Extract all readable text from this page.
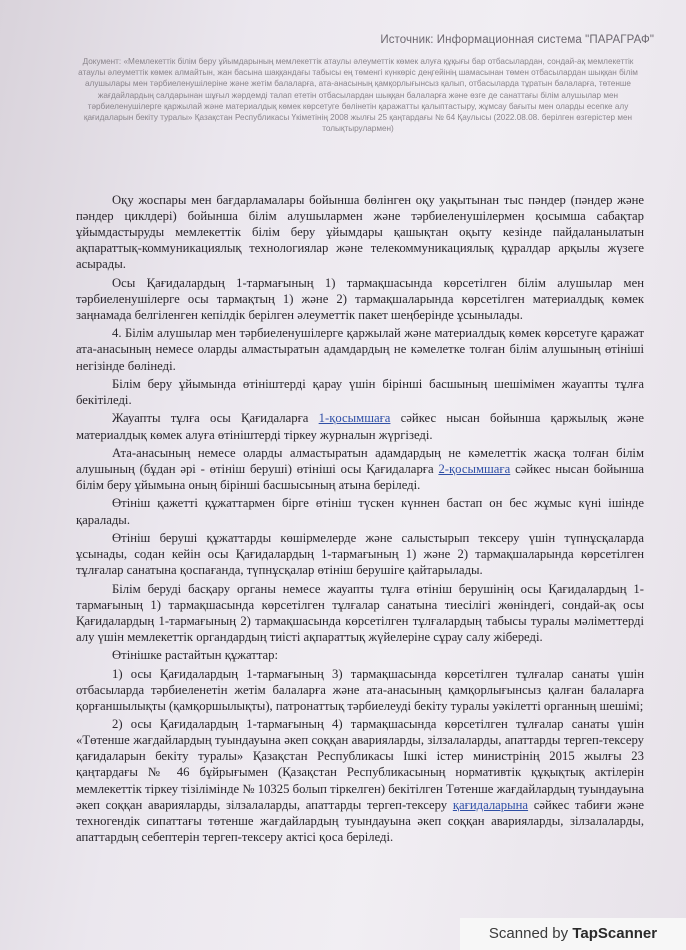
Источник: Информационная система "ПАРАГРАФ"
Документ: «Мемлекеттік білім беру ұйымдарының мемлекеттік атаулы әлеуметтік көмек алуға құқығы бар отбасылардан, сондай-ақ мемлекеттік атаулы әлеуметтік көмек алмайтын, жан басына шаққандағы табысы ең төменгі күнкөріс деңгейінің шамасынан төмен отбасылардан шыққан білім алушылары мен тәрбиеленушілеріне және жетім балаларға, ата-анасының қамқорлығынсыз қалып, отбасыларда тұратын балаларға, төтенше жағдайлардың салдарынан шұғыл жәрдемді талап ететін отбасылардан шыққан балаларға және өзге де санаттағы білім алушылар мен тәрбиеленушілерге қаржылай және материалдық көмек көрсетуге бөлінетін қаражатты қалыптастыру, жұмсау бағыты мен оларды есепке алу қағидаларын бекіту туралы» Қазақстан Республикасы Үкіметінің 2008 жылғы 25 қаңтардағы № 64 Қаулысы (2022.08.08. берілген өзгерістер мен толықтырулармен)

Оқу жоспары мен бағдарламалары бойынша бөлінген оқу уақытынан тыс пәндер (пәндер және пәндер циклдері) бойынша білім алушылармен және тәрбиеленушілермен қосымша сабақтар ұйымдастыруды мемлекеттік білім беру ұйымдары қашықтан оқыту кезінде пайдаланылатын ақпараттық-коммуникациялық технологиялар және телекоммуникациялық құралдар арқылы жүзеге асырады.

Осы Қағидалардың 1-тармағының 1) тармақшасында көрсетілген білім алушылар мен тәрбиеленушілерге осы тармақтың 1) және 2) тармақшаларында көрсетілген материалдық көмек заңнамада белгіленген кепілдік берілген әлеуметтік пакет шеңберінде ұсынылады.

4. Білім алушылар мен тәрбиеленушілерге қаржылай және материалдық көмек көрсетуге қаражат ата-анасының немесе оларды алмастыратын адамдардың не кәмелетке толған білім алушының өтініші негізінде бөлінеді.

Білім беру ұйымында өтініштерді қарау үшін бірінші басшының шешімімен жауапты тұлға бекітіледі.

Жауапты тұлға осы Қағидаларға 1-қосымшаға сәйкес нысан бойынша қаржылық және материалдық көмек алуға өтініштерді тіркеу журналын жүргізеді.

Ата-анасының немесе оларды алмастыратын адамдардың не кәмелеттік жасқа толған білім алушының (бұдан әрі - өтініш беруші) өтініші осы Қағидаларға 2-қосымшаға сәйкес нысан бойынша білім беру ұйымына оның бірінші басшысының атына беріледі.

Өтініш қажетті құжаттармен бірге өтініш түскен күннен бастап он бес жұмыс күні ішінде қаралады.

Өтініш беруші құжаттарды көшірмелерде және салыстырып тексеру үшін түпнұсқаларда ұсынады, содан кейін осы Қағидалардың 1-тармағының 1) және 2) тармақшаларында көрсетілген тұлғалар санатына қоспағанда, түпнұсқалар өтініш берушіге қайтарылады.

Білім беруді басқару органы немесе жауапты тұлға өтініш берушінің осы Қағидалардың 1-тармағының 1) тармақшасында көрсетілген тұлғалар санатына тиесілігі жөніндегі, сондай-ақ осы Қағидалардың 1-тармағының 2) тармақшасында көрсетілген тұлғалардың табысы туралы мәліметтерді алу үшін мемлекеттік органдардың тиісті ақпараттық жүйелеріне сұрау салу жібереді.

Өтінішке растайтын құжаттар:

1) осы Қағидалардың 1-тармағының 3) тармақшасында көрсетілген тұлғалар санаты үшін отбасыларда тәрбиеленетін жетім балаларға және ата-анасының қамқорлығынсыз қалған балаларға қорғаншылықты (қамқоршылықты), патронаттық тәрбиелеуді бекіту туралы уәкілетті органның шешімі;

2) осы Қағидалардың 1-тармағының 4) тармақшасында көрсетілген тұлғалар санаты үшін «Төтенше жағдайлардың туындауына әкеп соққан аварияларды, зілзалаларды, апаттарды тергеп-тексеру қағидаларын бекіту туралы» Қазақстан Республикасы Ішкі істер министрінің 2015 жылғы 23 қаңтардағы № 46 бұйрығымен (Қазақстан Республикасының нормативтік құқықтық актілерін мемлекеттік тіркеу тізілімінде № 10325 болып тіркелген) бекітілген Төтенше жағдайлардың туындауына әкеп соққан аварияларды, зілзалаларды, апаттарды тергеп-тексеру қағидаларына сәйкес табиғи және техногендік сипаттағы төтенше жағдайлардың туындауына әкеп соққан аварияларды, зілзалаларды, апаттардың себептерін тергеп-тексеру актісі қоса беріледі.

Scanned by TapScanner
